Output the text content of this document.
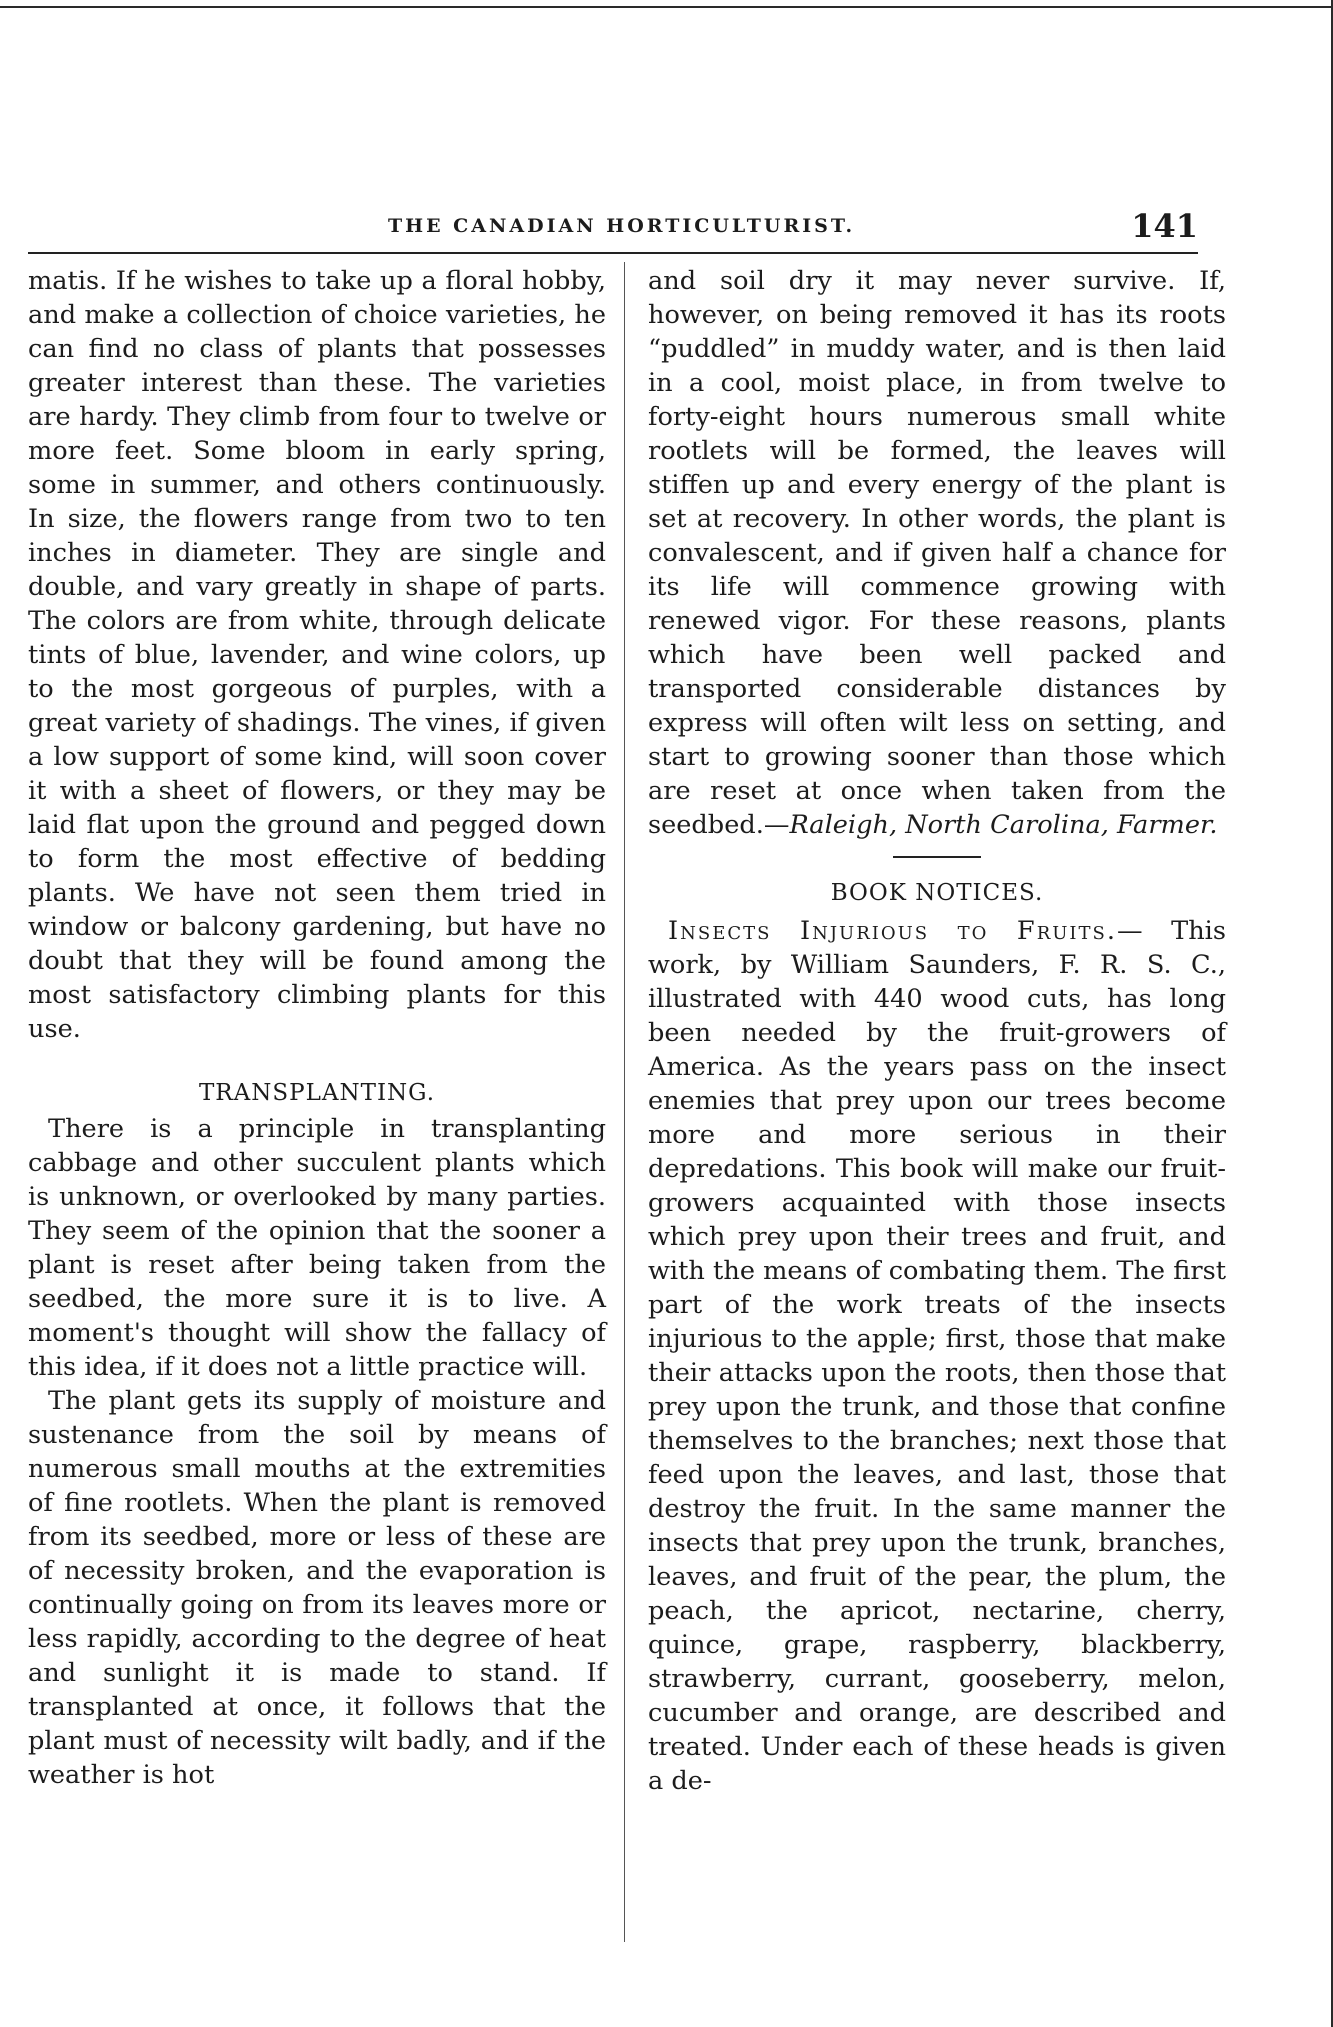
THE CANADIAN HORTICULTURIST.	141

matis. If he wishes to take up a floral hobby, and make a collection of choice varieties, he can find no class of plants that possesses greater interest than these. The varieties are hardy. They climb from four to twelve or more feet. Some bloom in early spring, some in summer, and others continuously. In size, the flowers range from two to ten inches in diameter. They are single and double, and vary greatly in shape of parts. The colors are from white, through delicate tints of blue, lavender, and wine colors, up to the most gorgeous of purples, with a great variety of shadings. The vines, if given a low support of some kind, will soon cover it with a sheet of flowers, or they may be laid flat upon the ground and pegged down to form the most effective of bedding plants. We have not seen them tried in window or balcony gardening, but have no doubt that they will be found among the most satisfactory climbing plants for this use.

TRANSPLANTING.

There is a principle in transplanting cabbage and other succulent plants which is unknown, or overlooked by many parties. They seem of the opinion that the sooner a plant is reset after being taken from the seedbed, the more sure it is to live. A moment's thought will show the fallacy of this idea, if it does not a little practice will.

The plant gets its supply of moisture and sustenance from the soil by means of numerous small mouths at the extremities of fine rootlets. When the plant is removed from its seedbed, more or less of these are of necessity broken, and the evaporation is continually going on from its leaves more or less rapidly, according to the degree of heat and sunlight it is made to stand. If transplanted at once, it follows that the plant must of necessity wilt badly, and if the weather is hot

and soil dry it may never survive. If, however, on being removed it has its roots “puddled” in muddy water, and is then laid in a cool, moist place, in from twelve to forty-eight hours numerous small white rootlets will be formed, the leaves will stiffen up and every energy of the plant is set at recovery. In other words, the plant is convalescent, and if given half a chance for its life will commence growing with renewed vigor. For these reasons, plants which have been well packed and transported considerable distances by express will often wilt less on setting, and start to growing sooner than those which are reset at once when taken from the seedbed.—Raleigh, North Carolina, Farmer.

BOOK NOTICES.

Insects Injurious to Fruits.— This work, by William Saunders, F. R. S. C., illustrated with 440 wood cuts, has long been needed by the fruit-growers of America. As the years pass on the insect enemies that prey upon our trees become more and more serious in their depredations. This book will make our fruit-growers acquainted with those insects which prey upon their trees and fruit, and with the means of combating them. The first part of the work treats of the insects injurious to the apple; first, those that make their attacks upon the roots, then those that prey upon the trunk, and those that confine themselves to the branches; next those that feed upon the leaves, and last, those that destroy the fruit. In the same manner the insects that prey upon the trunk, branches, leaves, and fruit of the pear, the plum, the peach, the apricot, nectarine, cherry, quince, grape, raspberry, blackberry, strawberry, currant, gooseberry, melon, cucumber and orange, are described and treated. Under each of these heads is given a de-
